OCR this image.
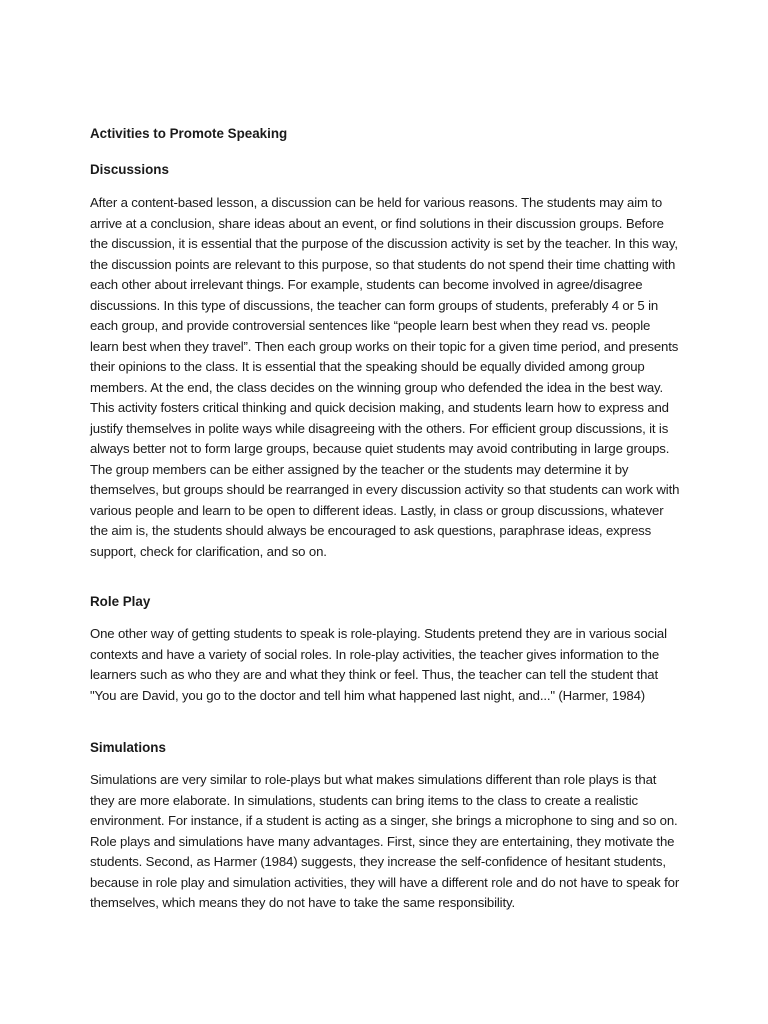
Activities to Promote Speaking

Discussions

After a content-based lesson, a discussion can be held for various reasons. The students may aim to arrive at a conclusion, share ideas about an event, or find solutions in their discussion groups. Before the discussion, it is essential that the purpose of the discussion activity is set by the teacher. In this way, the discussion points are relevant to this purpose, so that students do not spend their time chatting with each other about irrelevant things. For example, students can become involved in agree/disagree discussions. In this type of discussions, the teacher can form groups of students, preferably 4 or 5 in each group, and provide controversial sentences like “people learn best when they read vs. people learn best when they travel”. Then each group works on their topic for a given time period, and presents their opinions to the class. It is essential that the speaking should be equally divided among group members. At the end, the class decides on the winning group who defended the idea in the best way. This activity fosters critical thinking and quick decision making, and students learn how to express and justify themselves in polite ways while disagreeing with the others. For efficient group discussions, it is always better not to form large groups, because quiet students may avoid contributing in large groups. The group members can be either assigned by the teacher or the students may determine it by themselves, but groups should be rearranged in every discussion activity so that students can work with various people and learn to be open to different ideas. Lastly, in class or group discussions, whatever the aim is, the students should always be encouraged to ask questions, paraphrase ideas, express support, check for clarification, and so on.

Role Play

One other way of getting students to speak is role-playing. Students pretend they are in various social contexts and have a variety of social roles. In role-play activities, the teacher gives information to the learners such as who they are and what they think or feel. Thus, the teacher can tell the student that "You are David, you go to the doctor and tell him what happened last night, and..." (Harmer, 1984)

Simulations

Simulations are very similar to role-plays but what makes simulations different than role plays is that they are more elaborate. In simulations, students can bring items to the class to create a realistic environment. For instance, if a student is acting as a singer, she brings a microphone to sing and so on. Role plays and simulations have many advantages. First, since they are entertaining, they motivate the students. Second, as Harmer (1984) suggests, they increase the self-confidence of hesitant students, because in role play and simulation activities, they will have a different role and do not have to speak for themselves, which means they do not have to take the same responsibility.
